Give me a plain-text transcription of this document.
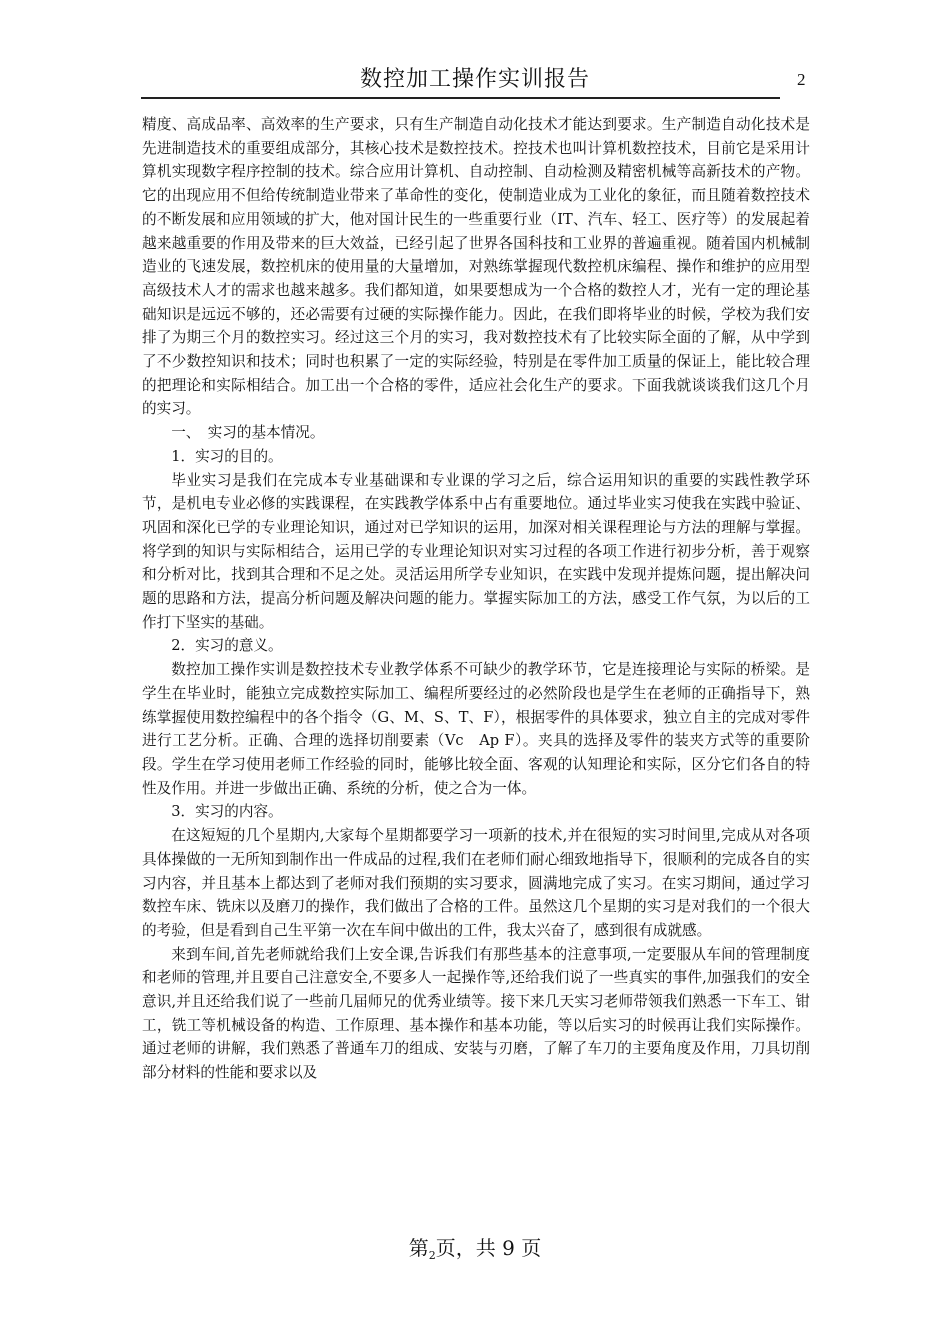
数控加工操作实训报告	2

精度、高成品率、高效率的生产要求，只有生产制造自动化技术才能达到要求。生产制造自动化技术是先进制造技术的重要组成部分，其核心技术是数控技术。控技术也叫计算机数控技术，目前它是采用计算机实现数字程序控制的技术。综合应用计算机、自动控制、自动检测及精密机械等高新技术的产物。它的出现应用不但给传统制造业带来了革命性的变化，使制造业成为工业化的象征，而且随着数控技术的不断发展和应用领域的扩大，他对国计民生的一些重要行业（IT、汽车、轻工、医疗等）的发展起着越来越重要的作用及带来的巨大效益，已经引起了世界各国科技和工业界的普遍重视。随着国内机械制造业的飞速发展，数控机床的使用量的大量增加，对熟练掌握现代数控机床编程、操作和维护的应用型高级技术人才的需求也越来越多。我们都知道，如果要想成为一个合格的数控人才，光有一定的理论基础知识是远远不够的，还必需要有过硬的实际操作能力。因此，在我们即将毕业的时候，学校为我们安排了为期三个月的数控实习。经过这三个月的实习，我对数控技术有了比较实际全面的了解，从中学到了不少数控知识和技术；同时也积累了一定的实际经验，特别是在零件加工质量的保证上，能比较合理的把理论和实际相结合。加工出一个合格的零件，适应社会化生产的要求。下面我就谈谈我们这几个月的实习。

一、　实习的基本情况。

1．实习的目的。

毕业实习是我们在完成本专业基础课和专业课的学习之后，综合运用知识的重要的实践性教学环节，是机电专业必修的实践课程，在实践教学体系中占有重要地位。通过毕业实习使我在实践中验证、巩固和深化已学的专业理论知识，通过对已学知识的运用，加深对相关课程理论与方法的理解与掌握。将学到的知识与实际相结合，运用已学的专业理论知识对实习过程的各项工作进行初步分析，善于观察和分析对比，找到其合理和不足之处。灵活运用所学专业知识，在实践中发现并提炼问题，提出解决问题的思路和方法，提高分析问题及解决问题的能力。掌握实际加工的方法，感受工作气氛，为以后的工作打下坚实的基础。

2．实习的意义。

数控加工操作实训是数控技术专业教学体系不可缺少的教学环节，它是连接理论与实际的桥梁。是学生在毕业时，能独立完成数控实际加工、编程所要经过的必然阶段也是学生在老师的正确指导下，熟练掌握使用数控编程中的各个指令（G、M、S、T、F），根据零件的具体要求，独立自主的完成对零件进行工艺分析。正确、合理的选择切削要素（Vc　Ap F）。夹具的选择及零件的装夹方式等的重要阶段。学生在学习使用老师工作经验的同时，能够比较全面、客观的认知理论和实际，区分它们各自的特性及作用。并进一步做出正确、系统的分析，使之合为一体。

3．实习的内容。

在这短短的几个星期内,大家每个星期都要学习一项新的技术,并在很短的实习时间里,完成从对各项具体操做的一无所知到制作出一件成品的过程,我们在老师们耐心细致地指导下，很顺利的完成各自的实习内容，并且基本上都达到了老师对我们预期的实习要求，圆满地完成了实习。在实习期间，通过学习数控车床、铣床以及磨刀的操作，我们做出了合格的工件。虽然这几个星期的实习是对我们的一个很大的考验，但是看到自己生平第一次在车间中做出的工件，我太兴奋了，感到很有成就感。

来到车间,首先老师就给我们上安全课,告诉我们有那些基本的注意事项,一定要服从车间的管理制度和老师的管理,并且要自己注意安全,不要多人一起操作等,还给我们说了一些真实的事件,加强我们的安全意识,并且还给我们说了一些前几届师兄的优秀业绩等。接下来几天实习老师带领我们熟悉一下车工、钳工，铣工等机械设备的构造、工作原理、基本操作和基本功能，等以后实习的时候再让我们实际操作。通过老师的讲解，我们熟悉了普通车刀的组成、安装与刃磨，了解了车刀的主要角度及作用，刀具切削部分材料的性能和要求以及

第$_2$页，共 9 页
